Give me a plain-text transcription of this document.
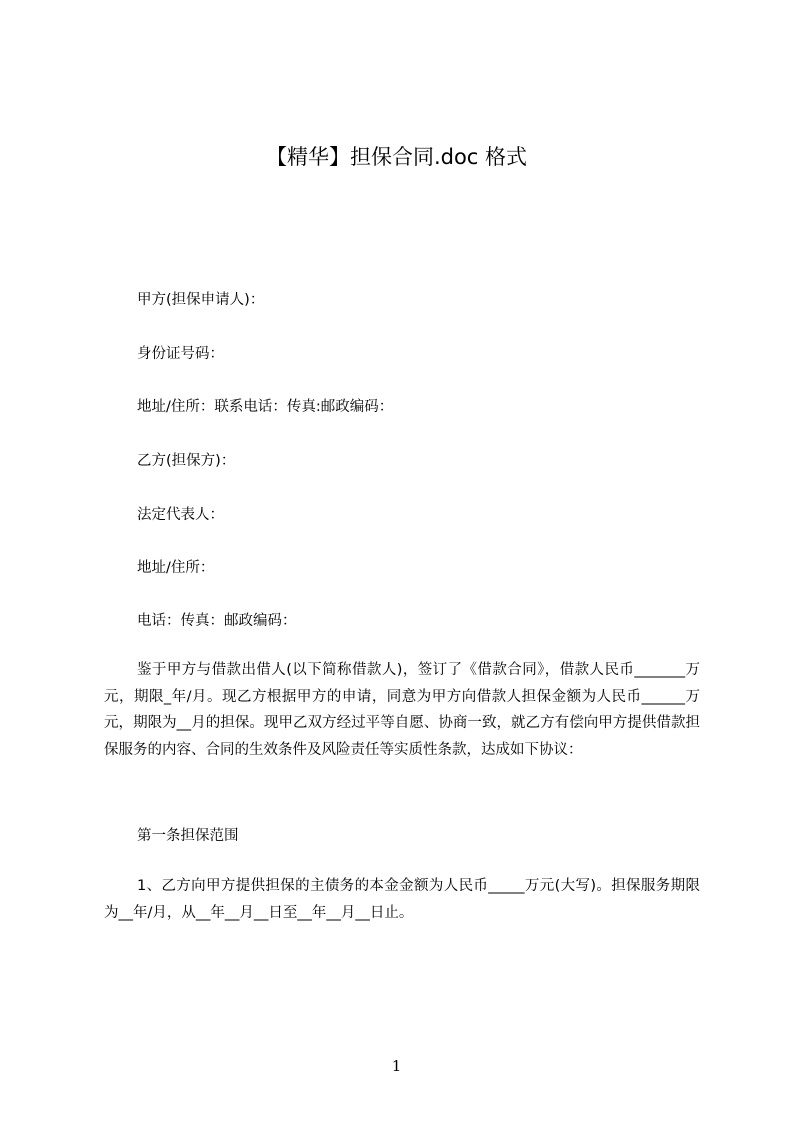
【精华】担保合同.doc 格式

甲方(担保申请人)：

身份证号码：

地址/住所：联系电话：传真:邮政编码：

乙方(担保方)：

法定代表人：

地址/住所：

电话：传真：邮政编码：

鉴于甲方与借款出借人(以下简称借款人)，签订了《借款合同》，借款人民币_______万元，期限_年/月。现乙方根据甲方的申请，同意为甲方向借款人担保金额为人民币______万元，期限为__月的担保。现甲乙双方经过平等自愿、协商一致，就乙方有偿向甲方提供借款担保服务的内容、合同的生效条件及风险责任等实质性条款，达成如下协议：

第一条担保范围

1、乙方向甲方提供担保的主债务的本金金额为人民币_____万元(大写)。担保服务期限为__年/月，从__年__月__日至__年__月__日止。

1
